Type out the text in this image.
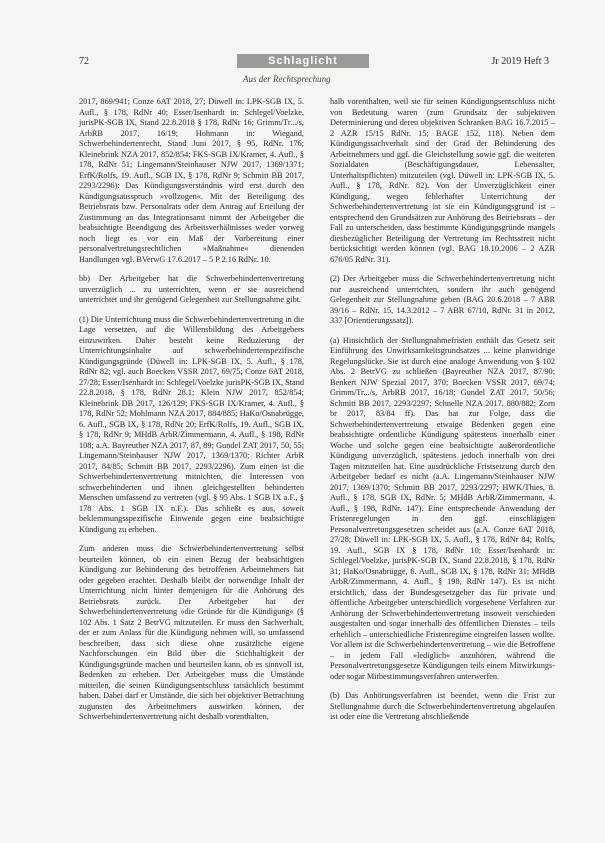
72	Schlaglicht	Jr 2019 Heft 3
Aus der Rechtsprechung

2017, 869/941; Conze 6AT 2018, 27; Düwell in: LPK-SGB IX, 5. Aufl., § 178, RdNr 40; Esser/Isenhardt in: Schlegel/Voelzke, jurisPK-SGB IX, Stand 22.8.2018 § 178, RdNr 16; Grimm/Tr.../s, ArbRB 2017, 16/19; Hohmann in: Wiegand, Schwerbehindertenrecht, Stand Juni 2017, § 95, RdNr. 176; Kleinebrink NZA 2017, 852/854; FKS-SGB IX/Kramer, 4. Aufl., § 178, RdNr 51; Lingemann/Steinhauser NJW 2017, 1369/1371; ErfK/Rolfs, 19. Aufl., SGB IX, § 178, RdNr 9; Schmitt BB 2017, 2293/2296): Das Kündigungsverständnis wird erst durch den Kündigungsausspruch »vollzogen«. Mit der Beteiligung des Betriebsrats bzw. Personalrats oder dem Antrag auf Erteilung der Zustimmung an das Integrationsamt nimmt der Arbeitgeber die beabsichtigte Beendigung des Arbeitsverhältnisses weder vorweg noch liegt es vor ein Maß der Vorbereitung einer personalvertretungsrechtlichen »Maßnahme« dienenden Handlungen vgl. BVerwG 17.6.2017 – 5 P 2.16 RdNr. 10.

bb) Der Arbeitgeber hat die Schwerbehindertenvertretung unverzüglich ... zu unterrichten, wenn er sie ausreichend unterrichtet und ihr genügend Gelegenheit zur Stellungnahme gibt.

(1) Die Unterrichtung muss die Schwerbehindertenvertretung in die Lage versetzen, auf die Willensbildung des Arbeitgebers einzuwirken. Daher besteht keine Reduzierung der Unterrichtungsinhalte auf schwerbehindertenspezifische Kündigungsgründe (Düwell in: LPK-SGB IX, 5. Aufl., § 178, RdNr 82; vgl. auch Boecken VSSR 2017, 69/75; Conze 6AT 2018, 27/28; Esser/Isenhardt in: Schlegel/Voelzke jurisPK-SGB IX, Stand 22.8.2018, § 178, RdNr 28.1; Klein NJW 2017, 852/854; Kleinebrink DB 2017, 126/129; FKS-SGB IX/Kramer, 4. Aufl., § 178, RdNr 52; Mohlmann NZA 2017, 884/885; HaKo/Osnabrügge, 6. Aufl., SGB IX, § 178, RdNr 20; ErfK/Rolfs, 19. Aufl., SGB IX, § 178, RdNr 9; MHdB ArbR/Zimmermann, 4. Aufl., § 198, RdNr 108; a.A. Bayreuther NZA 2017, 87, 89; Gundel ZAT 2017, 50, 55; Lingemann/Steinhauser NJW 2017, 1369/1370; Richter ArbR 2017, 84/85; Schmitt BB 2017, 2293/2296). Zum einen ist die Schwerbehindertenvertretung mitnichten, die Interessen von schwerbehinderten und ihnen gleichgestellten behinderten Menschen umfassend zu vertreten (vgl. § 95 Abs. 1 SGB IX a.F., § 178 Abs. 1 SGB IX n.F.). Das schließt es aus, soweit beklemmungsspezifische Einwende gegen eine beabsichtigte Kündigung zu erheben.

Zum anderen muss die Schwerbehindertenvertretung selbst beurteilen können, ob ein einen Bezug der beabsichtigten Kündigung zur Behinderung des betroffenen Arbeitnehmers hat oder gegeben erachtet. Deshalb bleibt der notwendige Inhalt der Unterrichtung nicht hinter demjenigen für die Anhörung des Betriebsrats zurück. Der Arbeitgeber hat der Schwerbehindertenvertretung »die Gründe für die Kündigung« (§ 102 Abs. 1 Satz 2 BetrVG mitzuteilen. Er muss den Sachverhalt, der er zum Anlass für die Kündigung nehmen will, so umfassend beschreiben, dass sich diese ohne zusätzliche eigene Nachforschungen ein Bild über die Stichhaltigkeit der Kündigungsgründe machen und beurteilen kann, ob es sinnvoll ist, Bedenken zu erheben. Der Arbeitgeber muss die Umstände mitteilen, die seinen Kündigungsentschluss tatsächlich bestimmt haben. Dabei darf er Umstände, die sich bei objektiver Betrachtung zugunsten des Arbeitnehmers auswirken können, der Schwerbehindertenvertretung nicht deshalb vorenthalten,

halb vorenthalten, weil sie für seinen Kündigungsentschluss nicht von Bedeutung waren (zum Grundsatz der subjektiven Determinierung und deren objektiven Schranken BAG 16.7.2015 – 2 AZR 15/15 RdNr. 15; BAGE 152, 118). Neben dem Kündigungssachverhalt sind der Grad der Behinderung des Arbeitnehmers und ggf. die Gleichstellung sowie ggf. die weiteren Sozialdaten (Beschäftigungsdauer, Lebensalter, Unterhaltspflichten) mitzuteilen (vgl. Düwell in: LPK-SGB IX, 5. Aufl., § 178, RdNr. 82). Von der Unverzüglichkeit einer Kündigung, wegen fehlerhafter Unterrichtung der Schwerbehindertenvertretung ist sie ein Kündigungsgrund ist – entsprechend den Grundsätzen zur Anhörung des Betriebsrats – der Fall zu unterscheiden, dass bestimmte Kündigungsgründe mangels diesbezüglicher Beteiligung der Vertretung im Rechtsstreit nicht berücksichtigt werden können (vgl. BAG 18.10.2006 – 2 AZR 676/05 RdNr. 31).

(2) Der Arbeitgeber muss die Schwerbehindertenvertretung nicht nur ausreichend unterrichten, sondern ihr auch genügend Gelegenheit zur Stellungnahme geben (BAG 20.6.2018 – 7 ABR 39/16 – RdNr. 15, 14.3.2012 – 7 ABR 67/10, RdNr. 31 in 2012, 337 [Orientierungssatz]).

(a) Hinsichtlich der Stellungnahmefristen enthält das Gesetz seit Einführung des Unwirksamkeitsgrundsatzes ... keine planwidrige Regelungslücke. Sie ist durch eine analoge Anwendung von § 102 Abs. 2 BetrVG zu schließen (Bayreuther NZA 2017, 87/90; Benkert NJW Spezial 2017, 370; Boecken VSSR 2017, 69/74; Grimm/Tr.../s, ArbRB 2017, 16/18; Gundel ZAT 2017, 50/56; Schmitt BB 2017, 2293/2297; Schnelle NZA 2017, 880/882; Zorn br 2017, 83/84 ff). Das hat zur Folge, dass die Schwerbehindertenvertretung etwaige Bedenken gegen eine beabsichtigte ordentliche Kündigung spätestens innerhalb einer Woche und solche gegen eine beabsichtigte außerordentliche Kündigung unverzüglich, spätestens jedoch innerhalb von drei Tagen mitzuteilen hat. Eine ausdrückliche Fristsetzung durch den Arbeitgeber bedarf es nicht (a.A. Lingemann/Steinhauser NJW 2017, 1369/1370; Schmitt BB 2017, 2293/2297; HWK/Thies, 8. Aufl., § 178, SGB IX, RdNr. 5; MHdB ArbR/Zimmermann, 4. Aufl., § 198, RdNr. 147). Eine entsprechende Anwendung der Fristenregelungen in den ggf. einschlägigen Personalvertretungsgesetzen scheidet aus (a.A. Conze 6AT 2018, 27/28; Düwell in: LPK-SGB IX, 5. Aufl., § 178, RdNr 84; Rolfs, 19. Aufl., SGB IX § 178, RdNr 10; Esser/Isenhardt in: Schlegel/Voelzke, jurisPK-SGB IX, Stand 22.8.2018, § 178, RdNr 31; HaKo/Osnabrügge, 6. Aufl., SGB IX, § 178, RdNr 31; MHdB ArbR/Zimmermann, 4. Aufl., § 198, RdNr 147). Es ist nicht ersichtlich, dass der Bundesgesetzgeber das für private und öffentliche Arbeitgeber unterschiedlich vorgesehene Verfahren zur Anhörung der Schwerbehindertenvertretung insoweit verschieden ausgestalten und sogar innerhalb des öffentlichen Dienstes – teils erheblich – unterschiedliche Fristenregime eingreifen lassen wollte. Vor allem ist die Schwerbehindertenvertretung – wie die Betroffene – in jedem Fall »lediglich« anzuhören, während die Personalvertretungsgesetze Kündigungen teils einem Mitwirkungs- oder sogar Mitbestimmungsverfahren unterwerfen.

(b) Das Anhörungsverfahren ist beendet, wenn die Frist zur Stellungnahme durch die Schwerbehindertenvertretung abgelaufen ist oder eine die Vertretung abschließende
